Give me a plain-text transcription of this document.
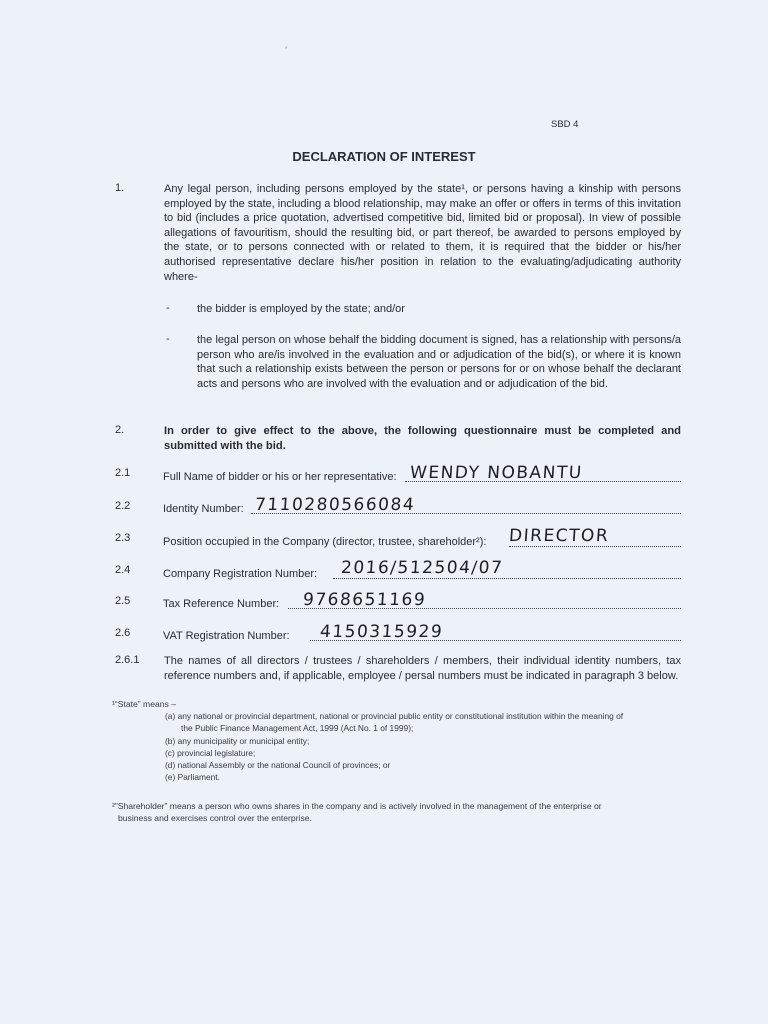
’
SBD 4
DECLARATION OF INTEREST
1.	Any legal person, including persons employed by the state¹, or persons having a kinship with persons employed by the state, including a blood relationship, may make an offer or offers in terms of this invitation to bid (includes a price quotation, advertised competitive bid, limited bid or proposal). In view of possible allegations of favouritism, should the resulting bid, or part thereof, be awarded to persons employed by the state, or to persons connected with or related to them, it is required that the bidder or his/her authorised representative declare his/her position in relation to the evaluating/adjudicating authority where-
- the bidder is employed by the state; and/or
- the legal person on whose behalf the bidding document is signed, has a relationship with persons/a person who are/is involved in the evaluation and or adjudication of the bid(s), or where it is known that such a relationship exists between the person or persons for or on whose behalf the declarant acts and persons who are involved with the evaluation and or adjudication of the bid.
2.	In order to give effect to the above, the following questionnaire must be completed and submitted with the bid.
2.1	Full Name of bidder or his or her representative: WENDY NOBANTU
2.2	Identity Number: 7110280566084
2.3	Position occupied in the Company (director, trustee, shareholder²): DIRECTOR
2.4	Company Registration Number: 2016/512504/07
2.5	Tax Reference Number: 9768651169
2.6	VAT Registration Number: 4150315929
2.6.1 The names of all directors / trustees / shareholders / members, their individual identity numbers, tax reference numbers and, if applicable, employee / persal numbers must be indicated in paragraph 3 below.
¹“State” means –
(a) any national or provincial department, national or provincial public entity or constitutional institution within the meaning of
the Public Finance Management Act, 1999 (Act No. 1 of 1999);
(b) any municipality or municipal entity;
(c) provincial legislature;
(d) national Assembly or the national Council of provinces; or
(e) Parliament.
²”Shareholder” means a person who owns shares in the company and is actively involved in the management of the enterprise or
business and exercises control over the enterprise.
